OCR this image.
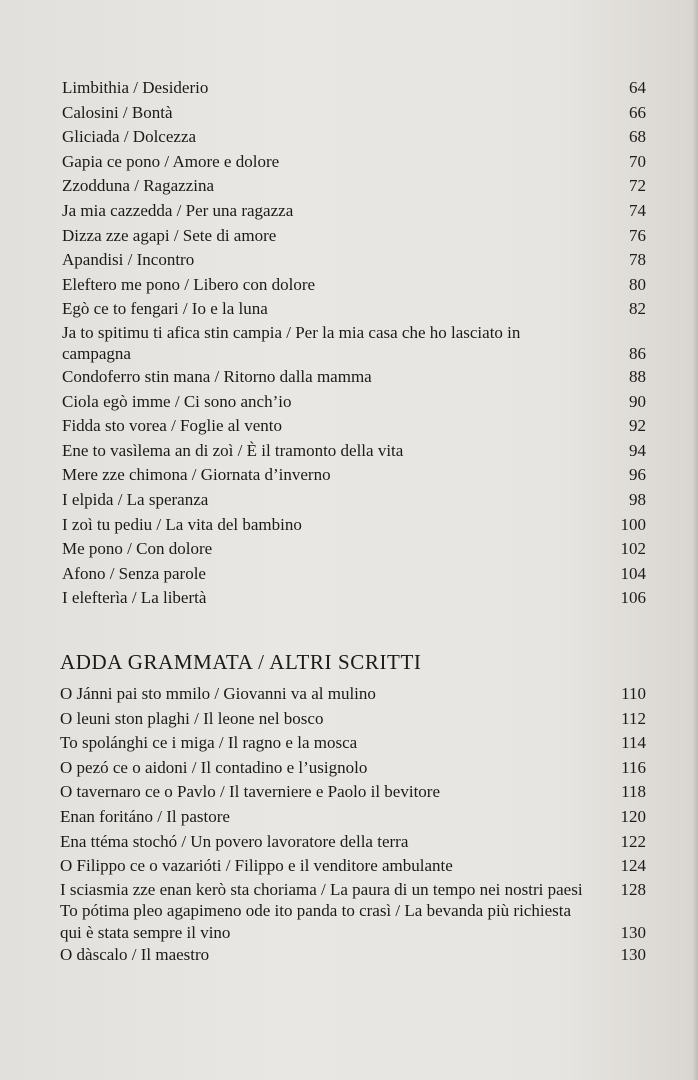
Limbithia / Desiderio	64
Calosini / Bontà	66
Gliciada / Dolcezza	68
Gapia ce pono / Amore e dolore	70
Zzodduna / Ragazzina	72
Ja mia cazzedda / Per una ragazza	74
Dizza zze agapi / Sete di amore	76
Apandisi / Incontro	78
Eleftero me pono / Libero con dolore	80
Egò ce to fengari / Io e la luna	82
Ja to spitimu ti afica stin campia / Per la mia casa che ho lasciato in campagna	86
Condoferro stin mana / Ritorno dalla mamma	88
Ciola egò imme / Ci sono anch’io	90
Fidda sto vorea / Foglie al vento	92
Ene to vasìlema an di zoì / È il tramonto della vita	94
Mere zze chimona / Giornata d’inverno	96
I elpida / La speranza	98
I zoì tu pediu / La vita del bambino	100
Me pono / Con dolore	102
Afono / Senza parole	104
I elefterìa / La libertà	106
ADDA GRAMMATA / ALTRI SCRITTI
O Jánni pai sto mmilo / Giovanni va al mulino	110
O leuni ston plaghi / Il leone nel bosco	112
To spolánghi ce i miga / Il ragno e la mosca	114
O pezó ce o aidoni / Il contadino e l’usignolo	116
O tavernaro ce o Pavlo / Il taverniere e Paolo il bevitore	118
Enan foritáno / Il pastore	120
Ena ttéma stochó / Un povero lavoratore della terra	122
O Filippo ce o vazarióti / Filippo e il venditore ambulante	124
I sciasmia zze enan kerò sta choriama / La paura di un tempo nei nostri paesi	128
To pótima pleo agapimeno ode ito panda to crasì / La bevanda più richiesta qui è stata sempre il vino	130
O dàscalo / Il maestro	130
